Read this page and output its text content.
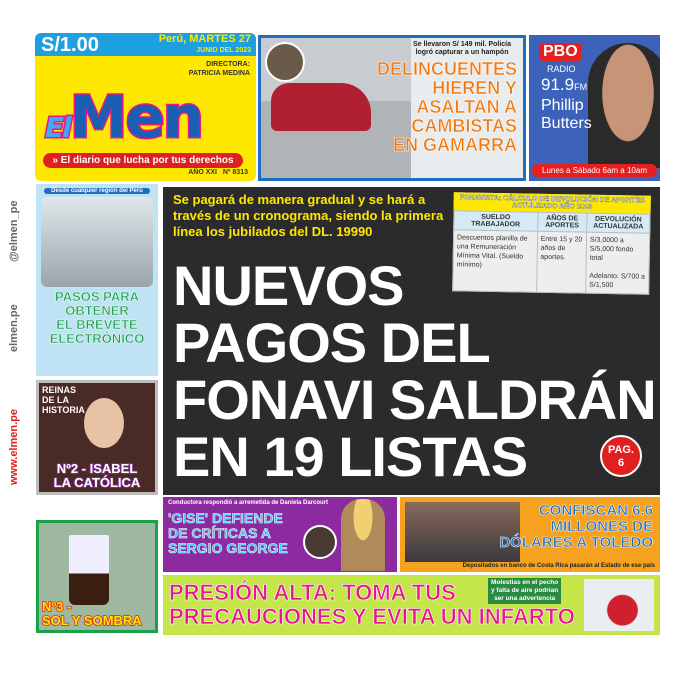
@elmen_pe
elmen.pe
www.elmen.pe
S/1.00	Perú, MARTES 27
JUNIO DEL 2023
DIRECTORA:
PATRICIA MEDINA
ElMen
» El diario que lucha por tus derechos
AÑO XXI Nº 8313
Se llevaron S/ 149 mil. Policía logró capturar a un hampón
DELINCUENTES
HIEREN Y
ASALTAN A
CAMBISTAS
EN GAMARRA
PBO
RADIO
91.9FM
Phillip
Butters
Lunes a Sábado 6am a 10am
Desde cualquier región del Perú
PASOS PARA
OBTENER
EL BREVETE
ELECTRÓNICO
REINAS
DE LA
HISTORIA
Nº2 - ISABEL
LA CATÓLICA
Nº3 -
SOL Y SOMBRA
Se pagará de manera gradual y se hará a través de un cronograma, siendo la primera línea los jubilados del DL. 19990
FONAVISTA: CÁLCULO DE DEVOLUCIÓN DE APORTES ACTULIZADO AÑO 2023
SUELDO TRABAJADOR	AÑOS DE APORTES	DEVOLUCIÓN ACTUALIZADA
Descuentos planilla de una Remuneración Mínima Vital. (Sueldo mínimo)	Entre 15 y 20 años de aportes.	S/3,0000 a S/5,000 fondo total

Adelanto: S/700 a S/1,500
NUEVOS
PAGOS DEL
FONAVI SALDRÁN
EN 19 LISTAS	PAG.
6
Conductora respondió a arremetida de Daniela Darcourt
'GISE' DEFIENDE
DE CRÍTICAS A
SERGIO GEORGE
CONFISCAN 6.6
MILLONES DE
DÓLARES A TOLEDO
Depositados en banco de Costa Rica pasarán al Estado de ese país
PRESIÓN ALTA: TOMA TUS
PRECAUCIONES Y EVITA UN INFARTO
Molestias en el pecho
y falta de aire podrían
ser una advertencia
